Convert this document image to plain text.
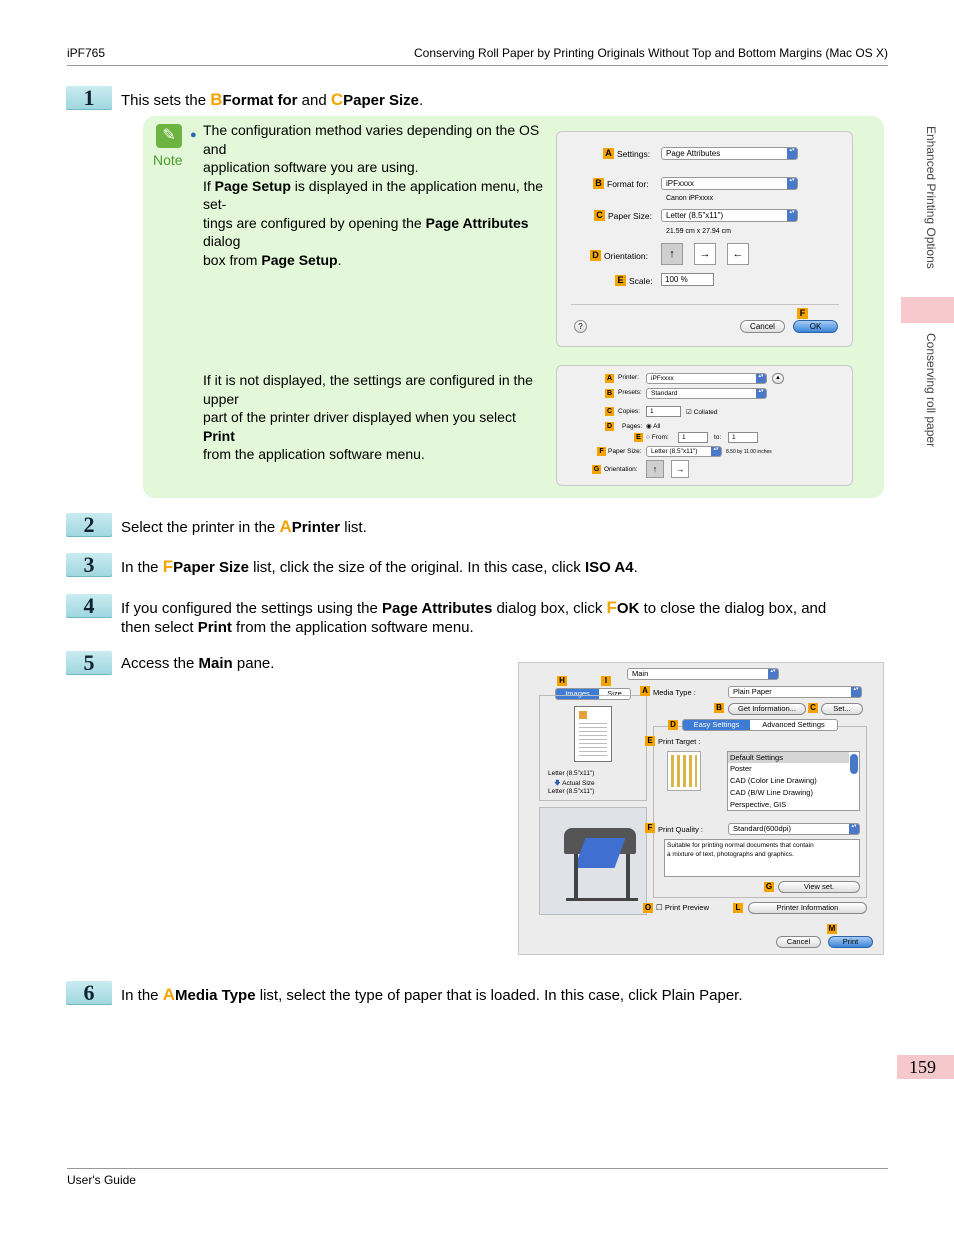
iPF765	Conserving Roll Paper by Printing Originals Without Top and Bottom Margins (Mac OS X)
Enhanced Printing Options
Conserving roll paper
1	This sets the BFormat for and CPaper Size.
✎
Note
● The configuration method varies depending on the OS and
application software you are using.
If Page Setup is displayed in the application menu, the set-
tings are configured by opening the Page Attributes dialog
box from Page Setup.
If it is not displayed, the settings are configured in the upper
part of the printer driver displayed when you select Print
from the application software menu.
A Settings:	Page Attributes ▴▾
B Format for:	iPFxxxx ▴▾
Canon iPFxxxx
C Paper Size:	Letter (8.5"x11") ▴▾
21.59 cm x 27.94 cm
D Orientation:	↑	→	←
E Scale:	100 %
?	Cancel
F
OK
A Printer:	iPFxxxx ▴▾	▲
B Presets:	Standard ▴▾
C Copies:	1	☑ Collated
D	Pages: ◉ All
E ○ From:	1	to:	1
F Paper Size:	Letter (8.5"x11") ▴▾	8.50 by 11.00 inches
G Orientation:	↑	→
2	Select the printer in the APrinter list.
3	In the FPaper Size list, click the size of the original. In this case, click ISO A4.
4	If you configured the settings using the Page Attributes dialog box, click FOK to close the dialog box, and
then select Print from the application software menu.
5	Access the Main pane.
Main ▴▾
H	I
Images	Size
Letter (8.5"x11")
🡇 Actual Size
Letter (8.5"x11")
A Media Type :	Plain Paper ▴▾
B	Get Information...	C	Set...
D	Easy Settings	Advanced Settings
E Print Target :
Default Settings
Poster
CAD (Color Line Drawing)
CAD (B/W Line Drawing)
Perspective, GIS
F Print Quality :	Standard(600dpi) ▴▾
Suitable for printing normal documents that contain
a mixture of text, photographs and graphics.
G	View set.
O ☐ Print Preview	L	Printer Information
M
Cancel	Print
6	In the AMedia Type list, select the type of paper that is loaded. In this case, click Plain Paper.
159
User's Guide
